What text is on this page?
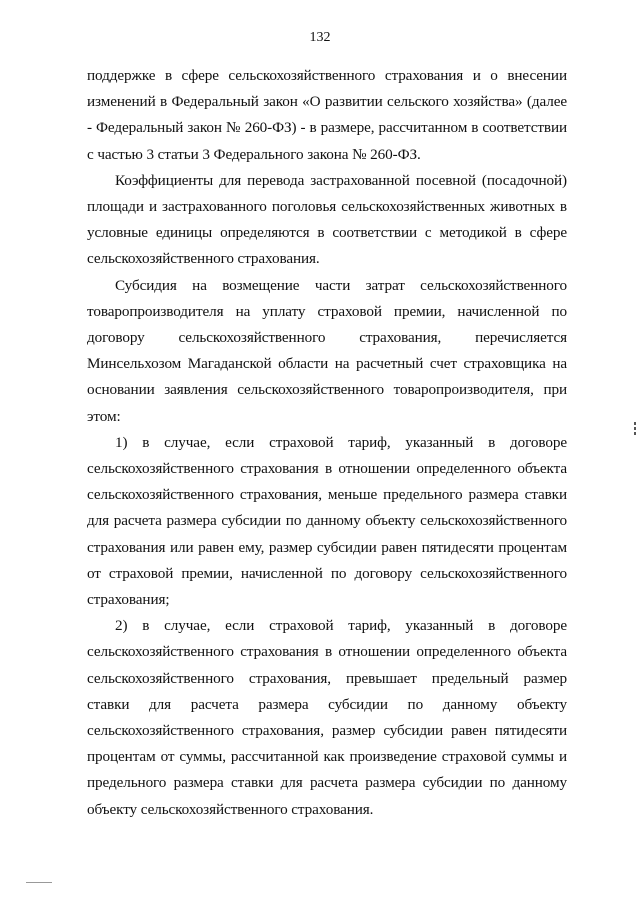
132

поддержке в сфере сельскохозяйственного страхования и о внесении изменений в Федеральный закон «О развитии сельского хозяйства» (далее - Федеральный закон № 260-ФЗ) - в размере, рассчитанном в соответствии с частью 3 статьи 3 Федерального закона № 260-ФЗ.

Коэффициенты для перевода застрахованной посевной (посадочной) площади и застрахованного поголовья сельскохозяйственных животных в условные единицы определяются в соответствии с методикой в сфере сельскохозяйственного страхования.

Субсидия на возмещение части затрат сельскохозяйственного товаропроизводителя на уплату страховой премии, начисленной по договору сельскохозяйственного страхования, перечисляется Минсельхозом Магаданской области на расчетный счет страховщика на основании заявления сельскохозяйственного товаропроизводителя, при этом:

1) в случае, если страховой тариф, указанный в договоре сельскохозяйственного страхования в отношении определенного объекта сельскохозяйственного страхования, меньше предельного размера ставки для расчета размера субсидии по данному объекту сельскохозяйственного страхования или равен ему, размер субсидии равен пятидесяти процентам от страховой премии, начисленной по договору сельскохозяйственного страхования;

2) в случае, если страховой тариф, указанный в договоре сельскохозяйственного страхования в отношении определенного объекта сельскохозяйственного страхования, превышает предельный размер ставки для расчета размера субсидии по данному объекту сельскохозяйственного страхования, размер субсидии равен пятидесяти процентам от суммы, рассчитанной как произведение страховой суммы и предельного размера ставки для расчета размера субсидии по данному объекту сельскохозяйственного страхования.
